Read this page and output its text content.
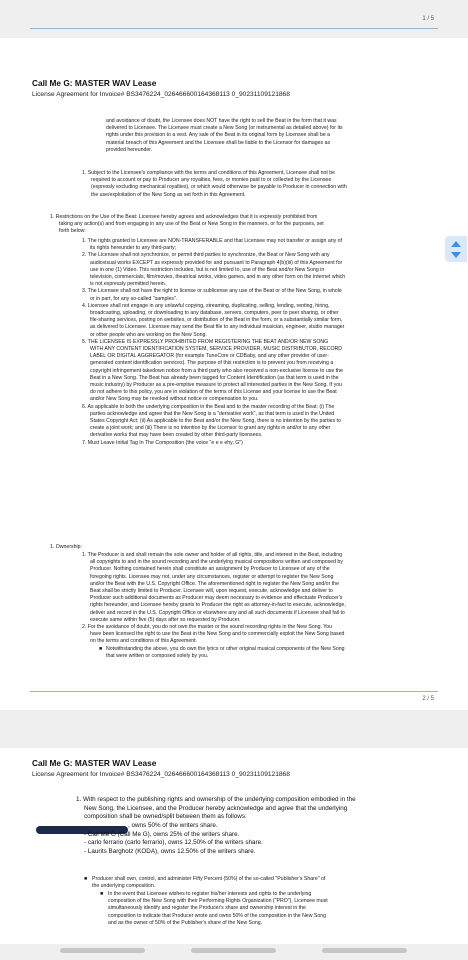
1 / 5
Call Me G: MASTER WAV Lease
License Agreement for Invoice# BS3476224_026466600164368113 0_90231109121868
and avoidance of doubt, the Licensee does NOT have the right to sell the Beat in the form that it was
delivered to Licensee. The Licensee must create a New Song (or instrumental as detailed above) for its
rights under this provision to a vest. Any sale of the Beat in its original form by Licensee shall be a
material breach of this Agreement and the Licensee shall be liable to the Licensor for damages as
provided hereunder.
1. Subject to the Licensee's compliance with the terms and conditions of this Agreement, Licensee shall not be
required to account or pay to Producer any royalties, fees, or monies paid to or collected by the Licensee
(expressly excluding mechanical royalties), or which would otherwise be payable to Producer in connection with
the use/exploitation of the New Song as set forth in this Agreement.
1. Restrictions on the Use of the Beat: Licensee hereby agrees and acknowledges that it is expressly prohibited from
taking any action(s) and from engaging in any use of the Beat or New Song in the manners, or for the purposes, set
forth below:
1. The rights granted to Licensee are NON-TRANSFERABLE and that Licensee may not transfer or assign any of
its rights hereunder to any third-party;
2. The Licensee shall not synchronize, or permit third parties to synchronize, the Beat or New Song with any
audiovisual works EXCEPT as expressly provided for and pursuant to Paragraph 4(b)(iii) of this Agreement for
use in one (1) Video. This restriction includes, but is not limited to, use of the Beat and/or New Song in
television, commercials, film/movies, theatrical works, video games, and in any other form on the Internet which
is not expressly permitted herein.
3. The Licensee shall not have the right to license or sublicense any use of the Beat or of the New Song, in whole
or in part, for any so-called "samples".
4. Licensee shall not engage in any unlawful copying, streaming, duplicating, selling, lending, renting, hiring,
broadcasting, uploading, or downloading to any database, servers, computers, peer to peer sharing, or other
file-sharing services, posting on websites, or distribution of the Beat in the form, or a substantially similar form,
as delivered to Licensee. Licensee may send the Beat file to any individual musician, engineer, studio manager
or other people who are working on the New Song.
5. THE LICENSEE IS EXPRESSLY PROHIBITED FROM REGISTERING THE BEAT AND/OR NEW SONG
WITH ANY CONTENT IDENTIFICATION SYSTEM, SERVICE PROVIDER, MUSIC DISTRIBUTOR, RECORD
LABEL OR DIGITAL AGGREGATOR (for example TuneCore or CDBaby, and any other provider of user-
generated content identification services). The purpose of this restriction is to prevent you from receiving a
copyright infringement takedown notice from a third party who also received a non-exclusive license to use the
Beat in a New Song. The Beat has already been tagged for Content Identification (as that term is used in the
music industry) by Producer as a pre-emptive measure to protect all interested parties in the New Song. If you
do not adhere to this policy, you are in violation of the terms of this License and your license to use the Beat
and/or New Song may be revoked without notice or compensation to you.
6. As applicable to both the underlying composition in the Beat and to the master recording of the Beat: (i) The
parties acknowledge and agree that the New Song is a "derivative work", as that term is used in the United
States Copyright Act; (ii) As applicable to the Beat and/or the New Song, there is no intention by the parties to
create a joint work; and (iii) There is no intention by the Licensor to grant any rights in and/or to any other
derivative works that may have been created by other third-party licensees.
7. Must Leave Initial Tag In The Composition (the voice "e e e ehy, G")
1. Ownership:
1. The Producer is and shall remain the sole owner and holder of all rights, title, and interest in the Beat, including
all copyrights to and in the sound recording and the underlying musical compositions written and composed by
Producer. Nothing contained herein shall constitute an assignment by Producer to Licensee of any of the
foregoing rights. Licensee may not, under any circumstances, register or attempt to register the New Song
and/or the Beat with the U.S. Copyright Office. The aforementioned right to register the New Song and/or the
Beat shall be strictly limited to Producer. Licensee will, upon request, execute, acknowledge and deliver to
Producer such additional documents as Producer may deem necessary to evidence and effectuate Producer's
rights hereunder, and Licensee hereby grants to Producer the right as attorney-in-fact to execute, acknowledge,
deliver and record in the U.S. Copyright Office or elsewhere any and all such documents if Licensee shall fail to
execute same within five (5) days after so requested by Producer.
2. For the avoidance of doubt, you do not own the master or the sound recording rights in the New Song. You
have been licensed the right to use the Beat in the New Song and to commercially exploit the New Song based
on the terms and conditions of this Agreement.
■ Notwithstanding the above, you do own the lyrics or other original musical components of the New Song
that were written or composed solely by you.
2 / 5
Call Me G: MASTER WAV Lease
License Agreement for Invoice# BS3476224_026466600164368113 0_90231109121868
1. With respect to the publishing rights and ownership of the underlying composition embodied in the
New Song, the Licensee, and the Producer hereby acknowledge and agree that the underlying
composition shall be owned/split between them as follows:
, owns 50% of the writers share.
- Call Me G (Call Me G), owns 25% of the writers share.
- carlo ferrario (carlo ferrario), owns 12.50% of the writers share.
- Laurits Bargholz (KODA), owns 12.50% of the writers share.
■ Producer shall own, control, and administer Fifty Percent (50%) of the so-called "Publisher's Share" of
the underlying composition.
■ In the event that Licensee wishes to register his/her interests and rights to the underlying
composition of the New Song with their Performing Rights Organization ("PRO"), Licensee must
simultaneously identify and register the Producer's share and ownership interest in the
composition to indicate that Producer wrote and owns 50% of the composition in the New Song
and as the owner of 50% of the Publisher's share of the New Song.
